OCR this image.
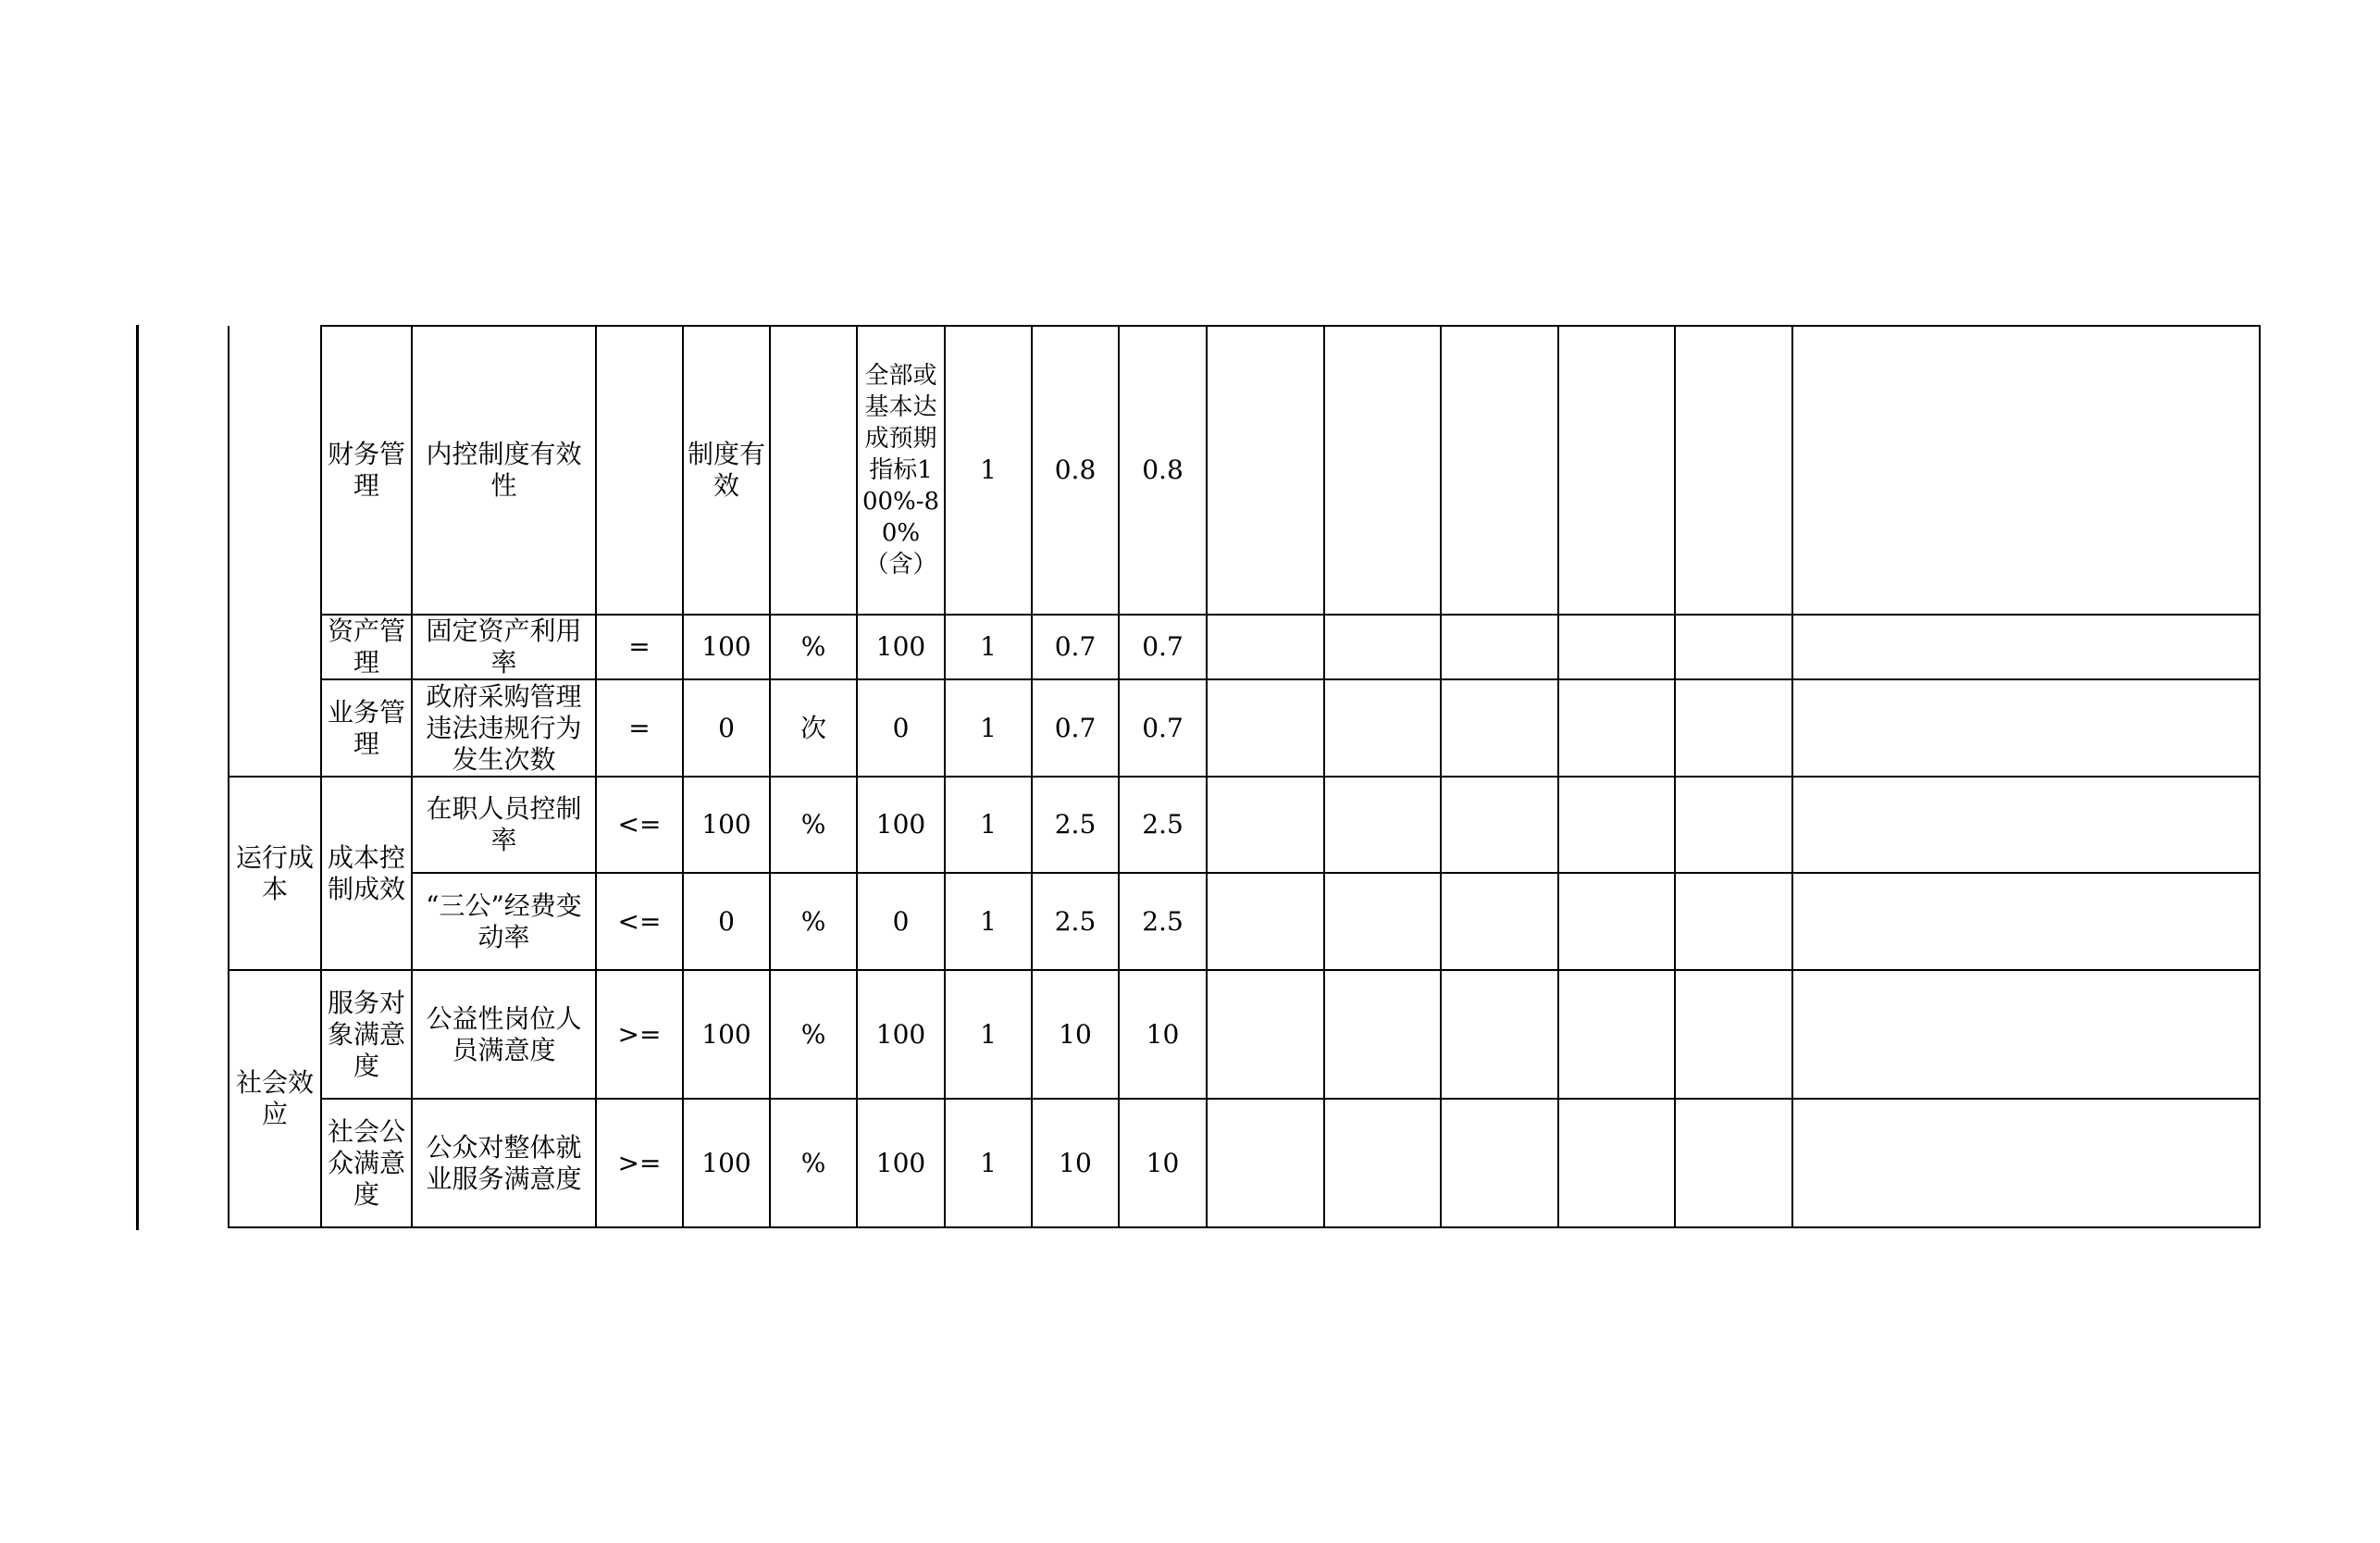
	财务管理	内控制度有效性		制度有效		全部或基本达成预期指标100%-80%（含）	1	0.8	0.8						
	资产管理	固定资产利用率	=	100	%	100	1	0.7	0.7						
	业务管理	政府采购管理违法违规行为发生次数	=	0	次	0	1	0.7	0.7						
运行成本	成本控制成效	在职人员控制率	<=	100	%	100	1	2.5	2.5						
		“三公”经费变动率	<=	0	%	0	1	2.5	2.5						
社会效应	服务对象满意度	公益性岗位人员满意度	>=	100	%	100	1	10	10						
	社会公众满意度	公众对整体就业服务满意度	>=	100	%	100	1	10	10						
